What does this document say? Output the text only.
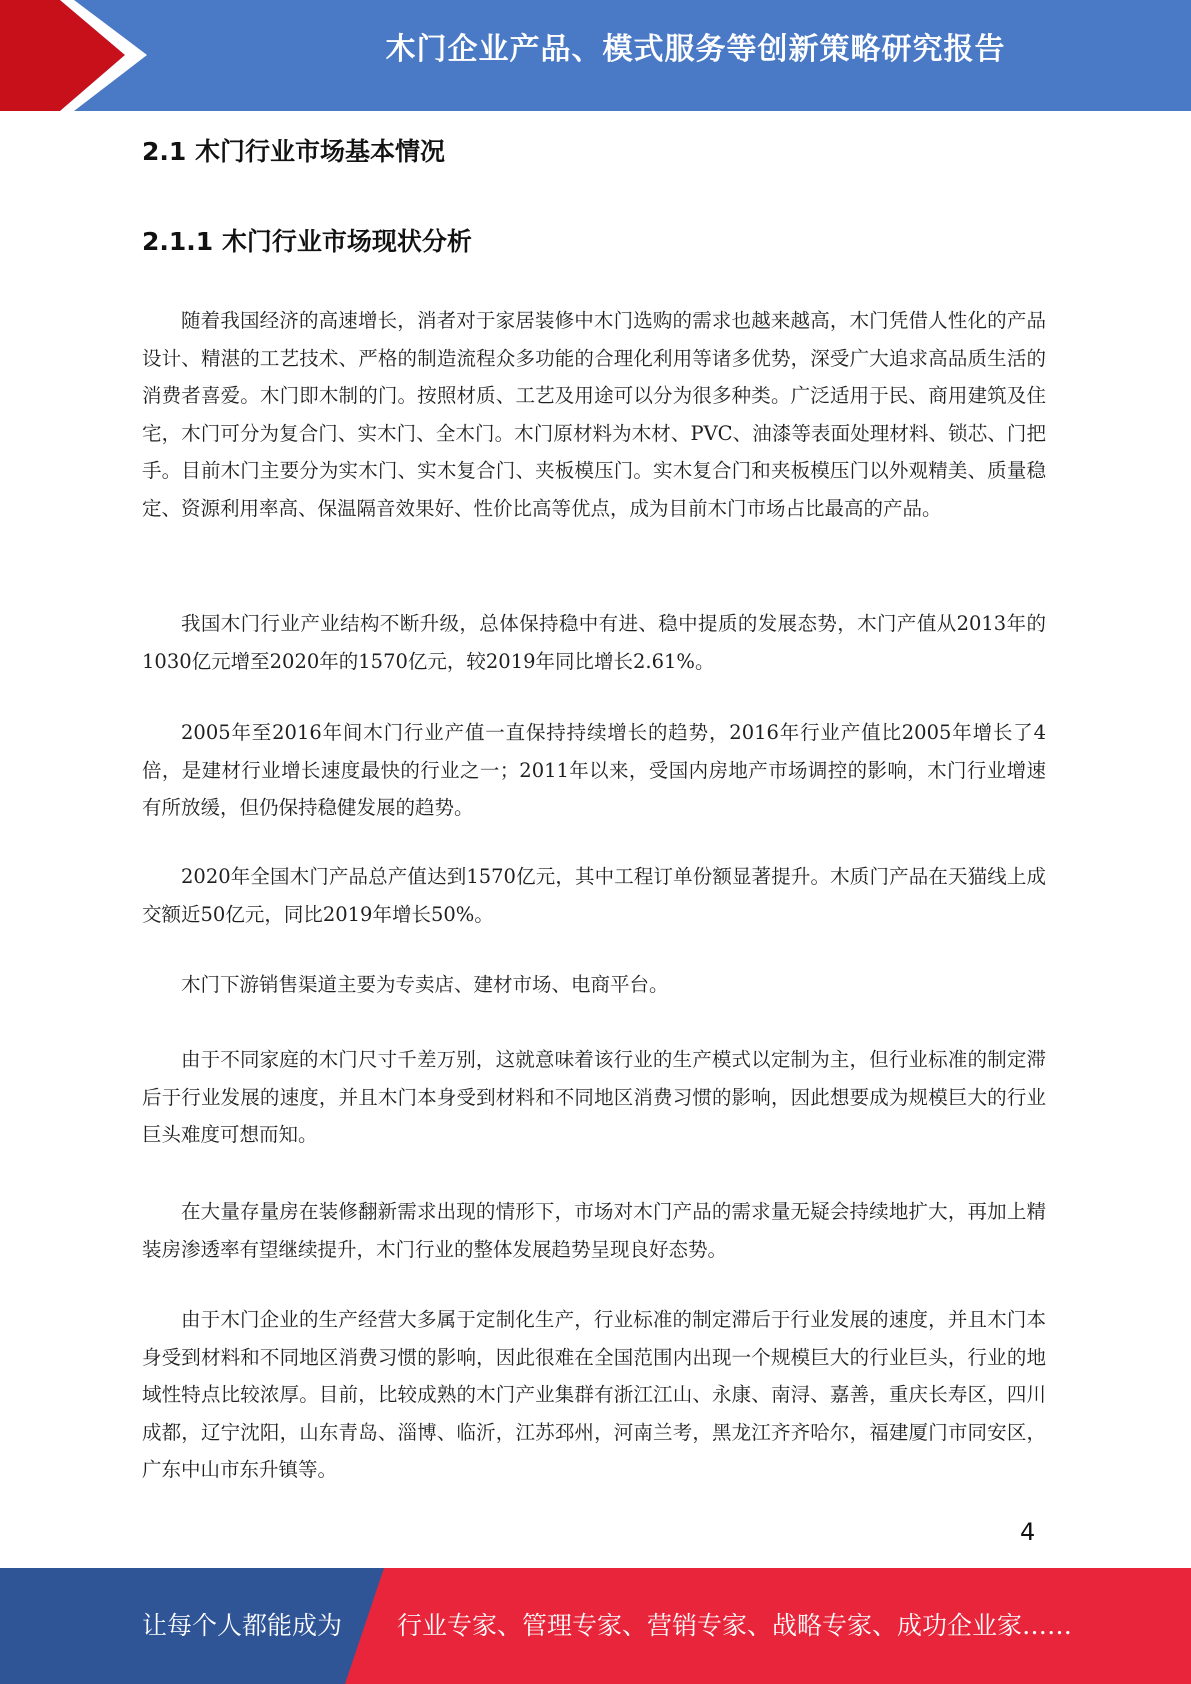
木门企业产品、模式服务等创新策略研究报告
2.1 木门行业市场基本情况
2.1.1 木门行业市场现状分析

随着我国经济的高速增长，消者对于家居装修中木门选购的需求也越来越高，木门凭借人性化的产品设计、精湛的工艺技术、严格的制造流程众多功能的合理化利用等诸多优势，深受广大追求高品质生活的消费者喜爱。木门即木制的门。按照材质、工艺及用途可以分为很多种类。广泛适用于民、商用建筑及住宅，木门可分为复合门、实木门、全木门。木门原材料为木材、PVC、油漆等表面处理材料、锁芯、门把手。目前木门主要分为实木门、实木复合门、夹板模压门。实木复合门和夹板模压门以外观精美、质量稳定、资源利用率高、保温隔音效果好、性价比高等优点，成为目前木门市场占比最高的产品。

我国木门行业产业结构不断升级，总体保持稳中有进、稳中提质的发展态势，木门产值从2013年的1030亿元增至2020年的1570亿元，较2019年同比增长2.61%。

2005年至2016年间木门行业产值一直保持持续增长的趋势，2016年行业产值比2005年增长了4倍，是建材行业增长速度最快的行业之一；2011年以来，受国内房地产市场调控的影响，木门行业增速有所放缓，但仍保持稳健发展的趋势。

2020年全国木门产品总产值达到1570亿元，其中工程订单份额显著提升。木质门产品在天猫线上成交额近50亿元，同比2019年增长50%。

木门下游销售渠道主要为专卖店、建材市场、电商平台。

由于不同家庭的木门尺寸千差万别，这就意味着该行业的生产模式以定制为主，但行业标准的制定滞后于行业发展的速度，并且木门本身受到材料和不同地区消费习惯的影响，因此想要成为规模巨大的行业巨头难度可想而知。

在大量存量房在装修翻新需求出现的情形下，市场对木门产品的需求量无疑会持续地扩大，再加上精装房渗透率有望继续提升，木门行业的整体发展趋势呈现良好态势。

由于木门企业的生产经营大多属于定制化生产，行业标准的制定滞后于行业发展的速度，并且木门本身受到材料和不同地区消费习惯的影响，因此很难在全国范围内出现一个规模巨大的行业巨头，行业的地域性特点比较浓厚。目前，比较成熟的木门产业集群有浙江江山、永康、南浔、嘉善，重庆长寿区，四川成都，辽宁沈阳，山东青岛、淄博、临沂，江苏邳州，河南兰考，黑龙江齐齐哈尔，福建厦门市同安区，广东中山市东升镇等。

4
让每个人都能成为 行业专家、管理专家、营销专家、战略专家、成功企业家……
